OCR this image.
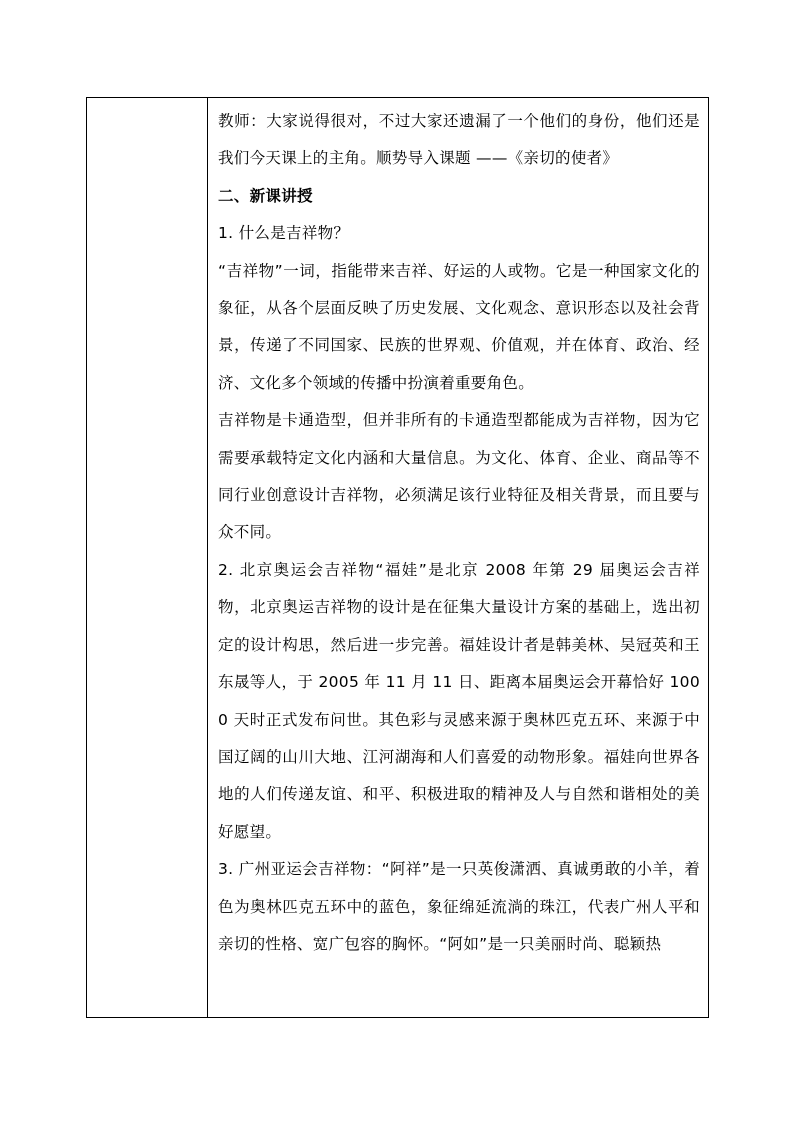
教师：大家说得很对，不过大家还遗漏了一个他们的身份，他们还是我们今天课上的主角。顺势导入课题 ——《亲切的使者》

二、新课讲授

1. 什么是吉祥物？

“吉祥物”一词，指能带来吉祥、好运的人或物。它是一种国家文化的象征，从各个层面反映了历史发展、文化观念、意识形态以及社会背景，传递了不同国家、民族的世界观、价值观，并在体育、政治、经济、文化多个领域的传播中扮演着重要角色。

吉祥物是卡通造型，但并非所有的卡通造型都能成为吉祥物，因为它需要承载特定文化内涵和大量信息。为文化、体育、企业、商品等不同行业创意设计吉祥物，必须满足该行业特征及相关背景，而且要与众不同。

2. 北京奥运会吉祥物“福娃”是北京 2008 年第 29 届奥运会吉祥物，北京奥运吉祥物的设计是在征集大量设计方案的基础上，选出初定的设计构思，然后进一步完善。福娃设计者是韩美林、吴冠英和王东晟等人，于 2005 年 11 月 11 日、距离本届奥运会开幕恰好 1000 天时正式发布问世。其色彩与灵感来源于奥林匹克五环、来源于中国辽阔的山川大地、江河湖海和人们喜爱的动物形象。福娃向世界各地的人们传递友谊、和平、积极进取的精神及人与自然和谐相处的美好愿望。

3. 广州亚运会吉祥物：“阿祥”是一只英俊潇洒、真诚勇敢的小羊，着色为奥林匹克五环中的蓝色，象征绵延流淌的珠江，代表广州人平和亲切的性格、宽广包容的胸怀。“阿如”是一只美丽时尚、聪颖热
